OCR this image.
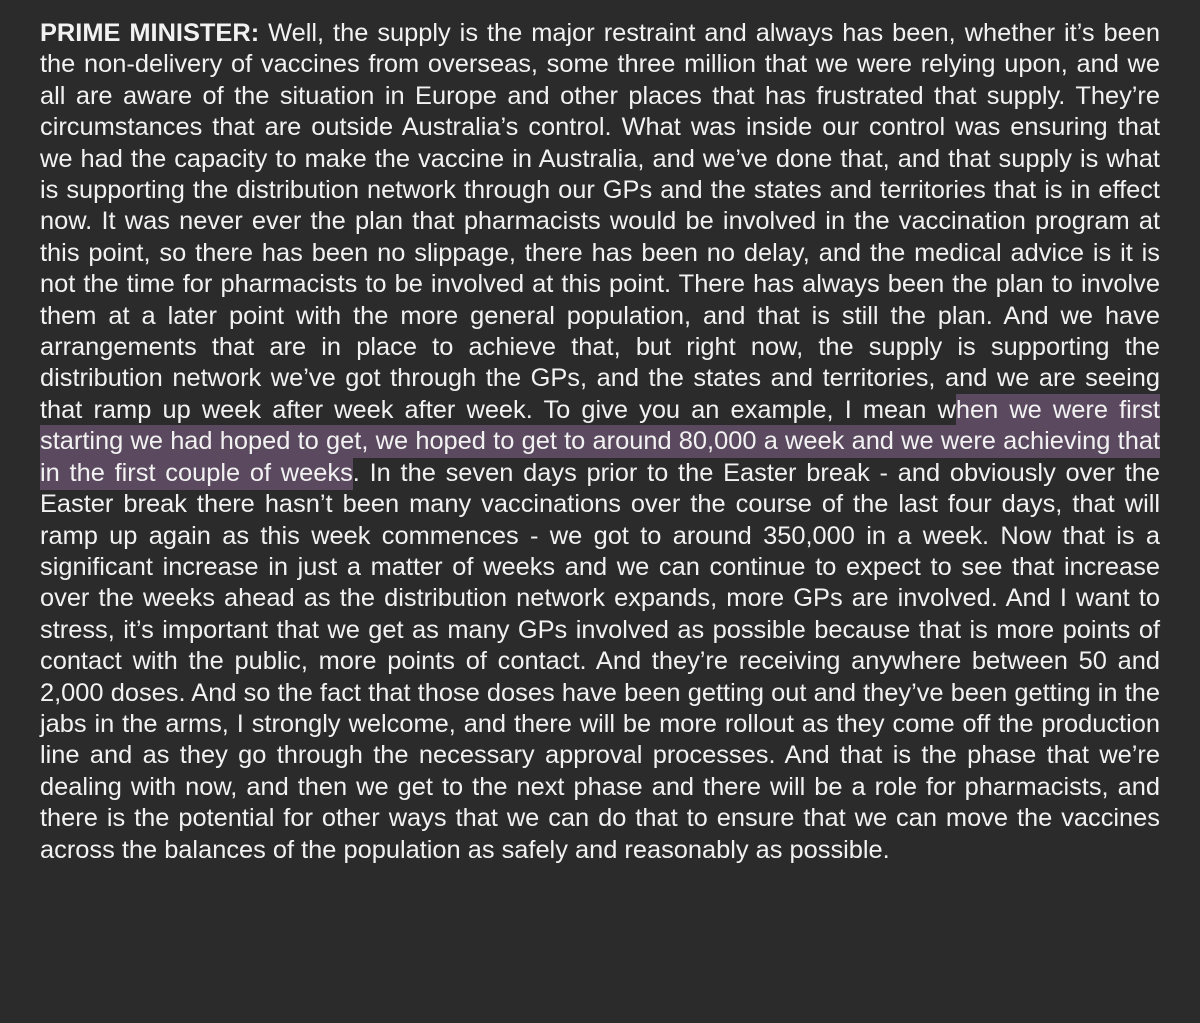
PRIME MINISTER: Well, the supply is the major restraint and always has been, whether it’s been the non-delivery of vaccines from overseas, some three million that we were relying upon, and we all are aware of the situation in Europe and other places that has frustrated that supply. They’re circumstances that are outside Australia’s control. What was inside our control was ensuring that we had the capacity to make the vaccine in Australia, and we’ve done that, and that supply is what is supporting the distribution network through our GPs and the states and territories that is in effect now. It was never ever the plan that pharmacists would be involved in the vaccination program at this point, so there has been no slippage, there has been no delay, and the medical advice is it is not the time for pharmacists to be involved at this point. There has always been the plan to involve them at a later point with the more general population, and that is still the plan. And we have arrangements that are in place to achieve that, but right now, the supply is supporting the distribution network we’ve got through the GPs, and the states and territories, and we are seeing that ramp up week after week after week. To give you an example, I mean when we were first starting we had hoped to get, we hoped to get to around 80,000 a week and we were achieving that in the first couple of weeks. In the seven days prior to the Easter break - and obviously over the Easter break there hasn’t been many vaccinations over the course of the last four days, that will ramp up again as this week commences - we got to around 350,000 in a week. Now that is a significant increase in just a matter of weeks and we can continue to expect to see that increase over the weeks ahead as the distribution network expands, more GPs are involved. And I want to stress, it’s important that we get as many GPs involved as possible because that is more points of contact with the public, more points of contact. And they’re receiving anywhere between 50 and 2,000 doses. And so the fact that those doses have been getting out and they’ve been getting in the jabs in the arms, I strongly welcome, and there will be more rollout as they come off the production line and as they go through the necessary approval processes. And that is the phase that we’re dealing with now, and then we get to the next phase and there will be a role for pharmacists, and there is the potential for other ways that we can do that to ensure that we can move the vaccines across the balances of the population as safely and reasonably as possible.
